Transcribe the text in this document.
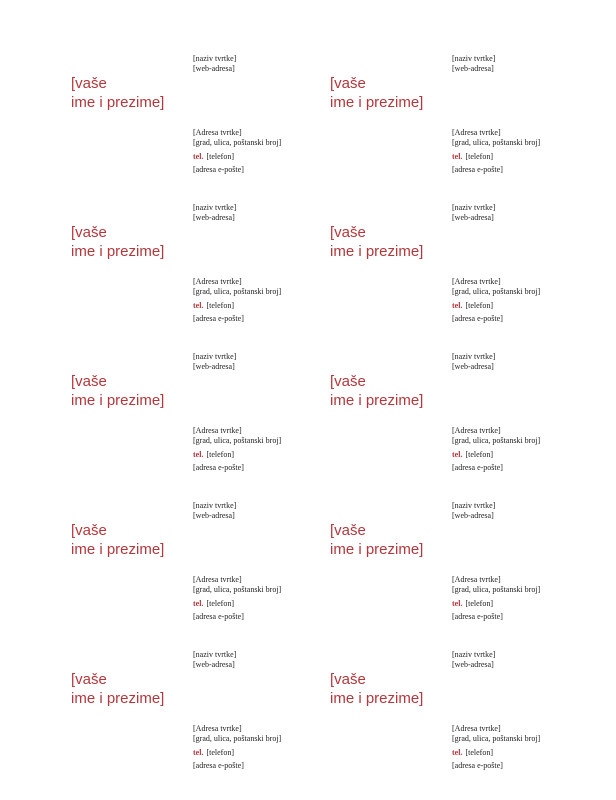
[naziv tvrtke]
[web-adresa]
[vaše
ime i prezime]
[Adresa tvrtke]
[grad, ulica, poštanski broj]
tel. [telefon]
[adresa e-pošte]
[naziv tvrtke]
[web-adresa]
[vaše
ime i prezime]
[Adresa tvrtke]
[grad, ulica, poštanski broj]
tel. [telefon]
[adresa e-pošte]
[naziv tvrtke]
[web-adresa]
[vaše
ime i prezime]
[Adresa tvrtke]
[grad, ulica, poštanski broj]
tel. [telefon]
[adresa e-pošte]
[naziv tvrtke]
[web-adresa]
[vaše
ime i prezime]
[Adresa tvrtke]
[grad, ulica, poštanski broj]
tel. [telefon]
[adresa e-pošte]
[naziv tvrtke]
[web-adresa]
[vaše
ime i prezime]
[Adresa tvrtke]
[grad, ulica, poštanski broj]
tel. [telefon]
[adresa e-pošte]
[naziv tvrtke]
[web-adresa]
[vaše
ime i prezime]
[Adresa tvrtke]
[grad, ulica, poštanski broj]
tel. [telefon]
[adresa e-pošte]
[naziv tvrtke]
[web-adresa]
[vaše
ime i prezime]
[Adresa tvrtke]
[grad, ulica, poštanski broj]
tel. [telefon]
[adresa e-pošte]
[naziv tvrtke]
[web-adresa]
[vaše
ime i prezime]
[Adresa tvrtke]
[grad, ulica, poštanski broj]
tel. [telefon]
[adresa e-pošte]
[naziv tvrtke]
[web-adresa]
[vaše
ime i prezime]
[Adresa tvrtke]
[grad, ulica, poštanski broj]
tel. [telefon]
[adresa e-pošte]
[naziv tvrtke]
[web-adresa]
[vaše
ime i prezime]
[Adresa tvrtke]
[grad, ulica, poštanski broj]
tel. [telefon]
[adresa e-pošte]
